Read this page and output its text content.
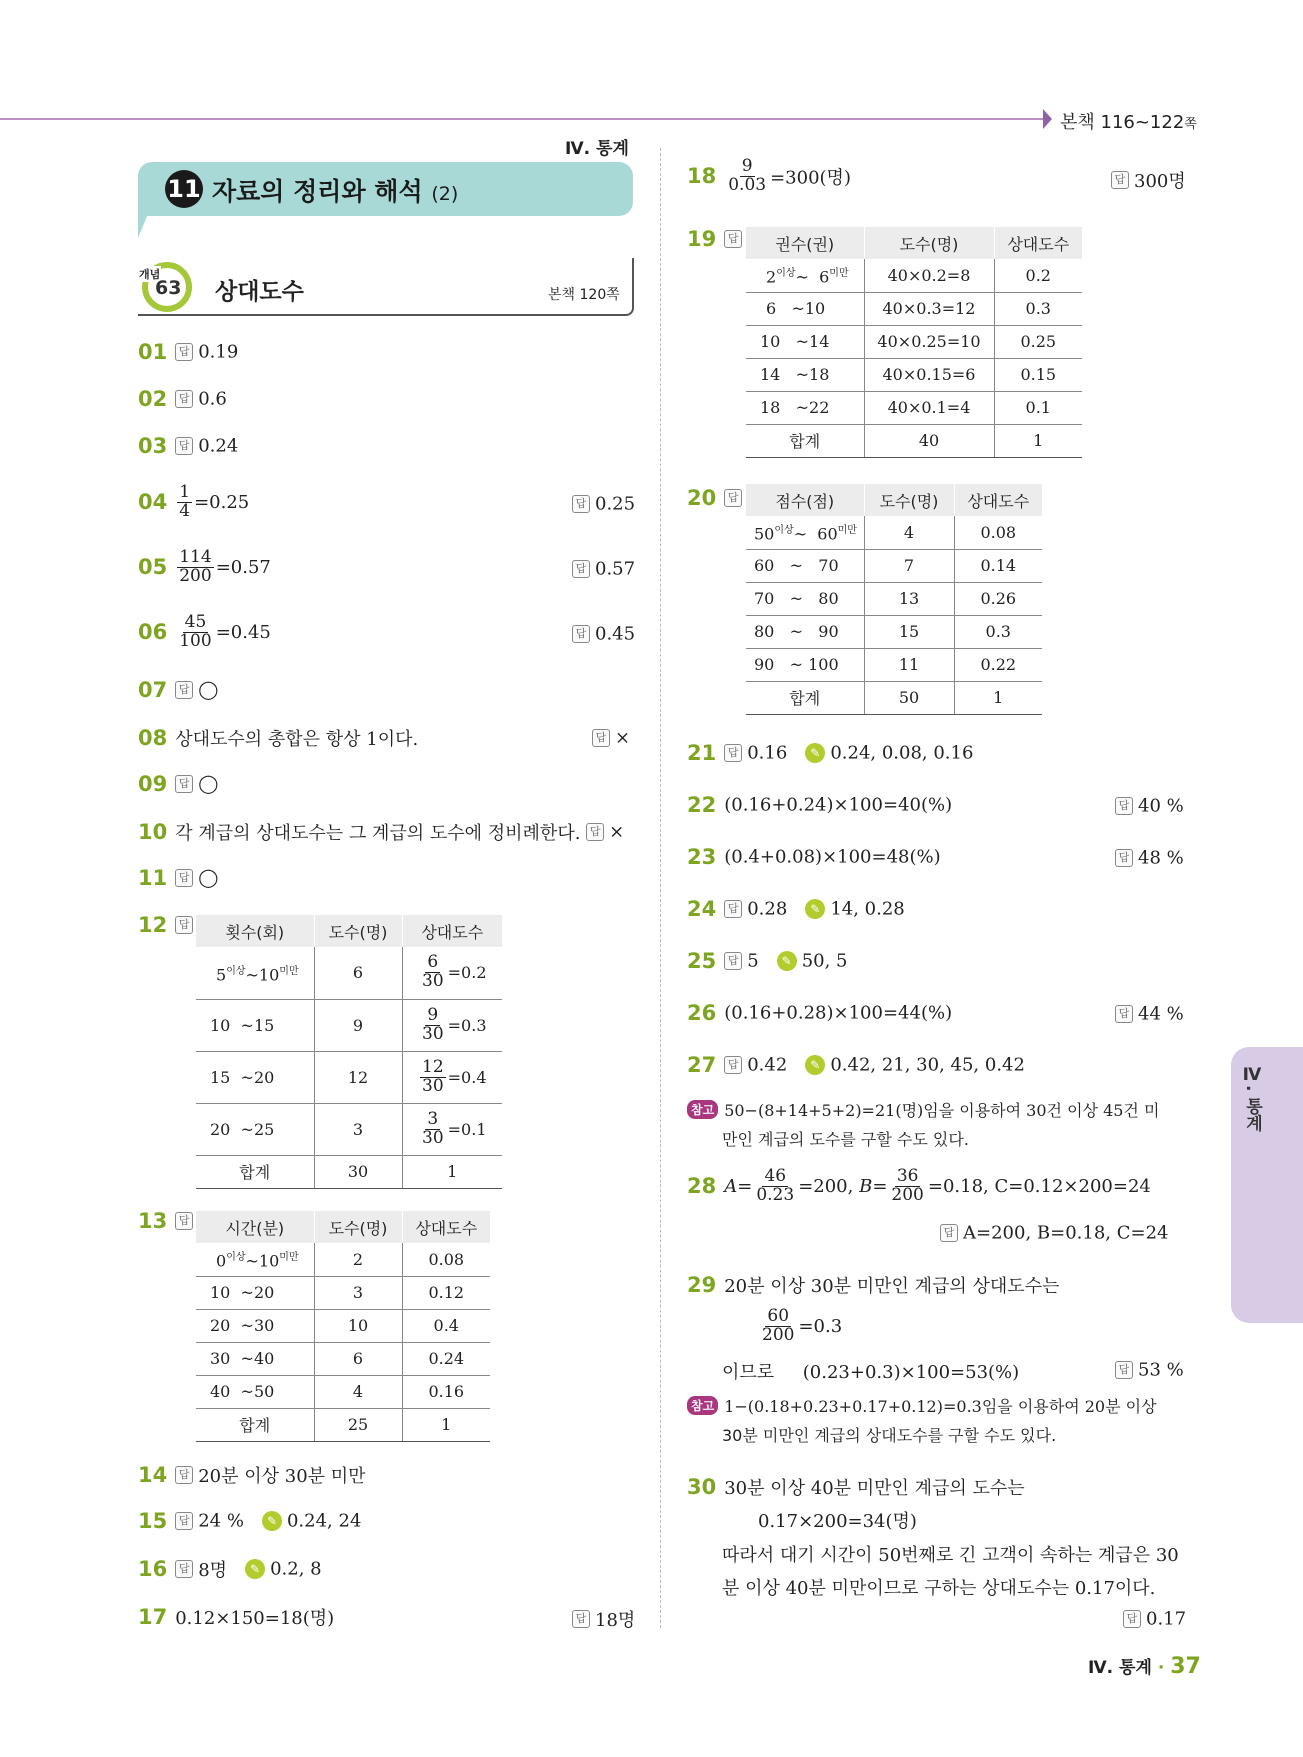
본책 116~122쪽
Ⅳ. 통계
11 자료의 정리와 해석 (2)
개념
63 상대도수	본책 120쪽
01 답 0.19
02 답 0.6
03 답 0.24
$04 \frac{1}{4} =0.25$	답 0.25
$05 \frac{114}{200} =0.57$	답 0.57
$06 \frac{45}{100} =0.45$	답 0.45
07 답 ◯
08 상대도수의 총합은 항상 1이다.	답 ×
09 답 ◯
10 각 계급의 상대도수는 그 계급의 도수에 정비례한다. 답 ×
11 답 ◯
12 답	횟수(회)	도수(명)	상대도수
$5^{이상}\sim 10^{미만}$	6	$\frac{6}{30} =0.2$
10 ~15	9	$\frac{9}{30} =0.3$
15 ~20	12	$\frac{12}{30} =0.4$
20 ~25	3	$\frac{3}{30} =0.1$
합계	30	1
13 답	시간(분)	도수(명)	상대도수
$0^{이상}\sim 10^{미만}$	2	0.08
10 ~20	3	0.12
20 ~30	10	0.4
30 ~40	6	0.24
40 ~50	4	0.16
합계	25	1
14 답 20분 이상 30분 미만
15 답 24 % ✎ 0.24, 24
16 답 8명 ✎ 0.2, 8
17 0.12×150=18(명)	답 18명
$18 \frac{9}{0.03} =300$(명)	답 300명
19 답	권수(권)	도수(명)	상대도수
$2^{이상}\sim$ $6^{미만}$	40×0.2=8	0.2
6 ~10	40×0.3=12	0.3
10 ~14	40×0.25=10	0.25
14 ~18	40×0.15=6	0.15
18 ~22	40×0.1=4	0.1
합계	40	1
20 답	점수(점)	도수(명)	상대도수
$50^{이상}\sim$ $60^{미만}$	4	0.08
60 ~ 70	7	0.14
70 ~ 80	13	0.26
80 ~ 90	15	0.3
90 ~ 100	11	0.22
합계	50	1
21 답 0.16 ✎ 0.24, 0.08, 0.16
22 (0.16+0.24)×100=40(%)	답 40 %
23 (0.4+0.08)×100=48(%)	답 48 %
24 답 0.28 ✎ 14, 0.28
25 답 5 ✎ 50, 5
26 (0.16+0.28)×100=44(%)	답 44 %
27 답 0.42 ✎ 0.42, 21, 30, 45, 0.42
참고 50−(8+14+5+2)=21(명)임을 이용하여 30건 이상 45건 미
만인 계급의 도수를 구할 수도 있다.
28 $A= \frac{46}{0.23} =200$, $B= \frac{36}{200} =0.18$, C=0.12×200=24
답 A=200, B=0.18, C=24
29 20분 이상 30분 미만인 계급의 상대도수는
$\frac{60}{200} =0.3$
이므로 (0.23+0.3)×100=53(%)	답 53 %
참고 1−(0.18+0.23+0.17+0.12)=0.3임을 이용하여 20분 이상
30분 미만인 계급의 상대도수를 구할 수도 있다.
30 30분 이상 40분 미만인 계급의 도수는
0.17×200=34(명)
따라서 대기 시간이 50번째로 긴 고객이 속하는 계급은 30
분 이상 40분 미만이므로 구하는 상대도수는 0.17이다.
답 0.17
Ⅳ. 통계
Ⅳ. 통계 · 37
